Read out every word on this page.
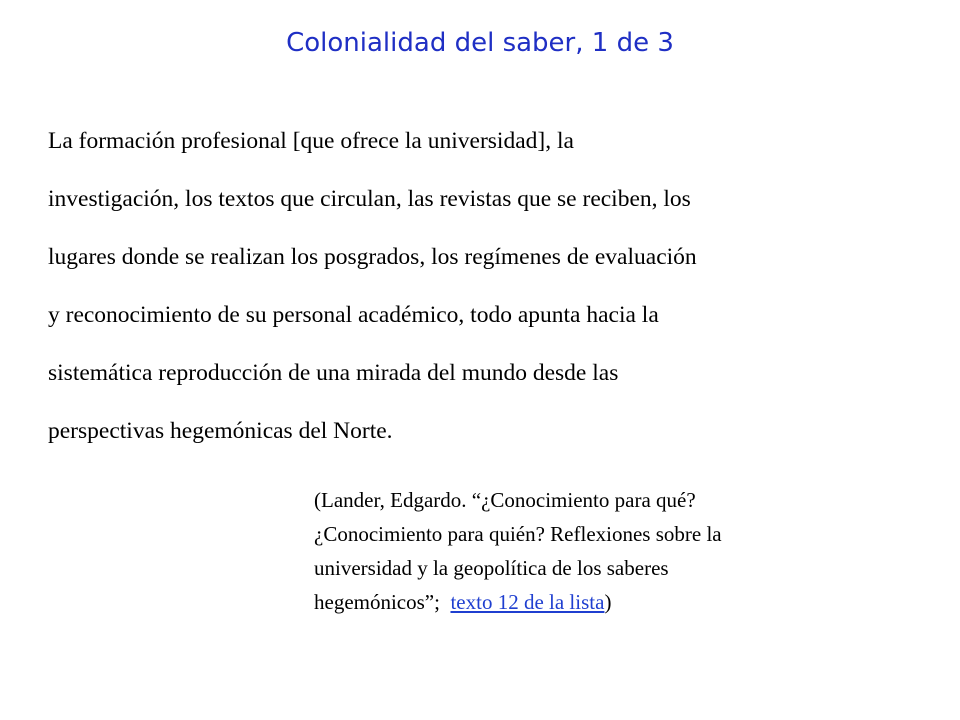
Colonialidad del saber, 1 de 3
La formación profesional [que ofrece la universidad], la
investigación, los textos que circulan, las revistas que se reciben, los
lugares donde se realizan los posgrados, los regímenes de evaluación
y reconocimiento de su personal académico, todo apunta hacia la
sistemática reproducción de una mirada del mundo desde las
perspectivas hegemónicas del Norte.
(Lander, Edgardo. “¿Conocimiento para qué?
¿Conocimiento para quién? Reflexiones sobre la
universidad y la geopolítica de los saberes
hegemónicos”;  texto 12 de la lista)
